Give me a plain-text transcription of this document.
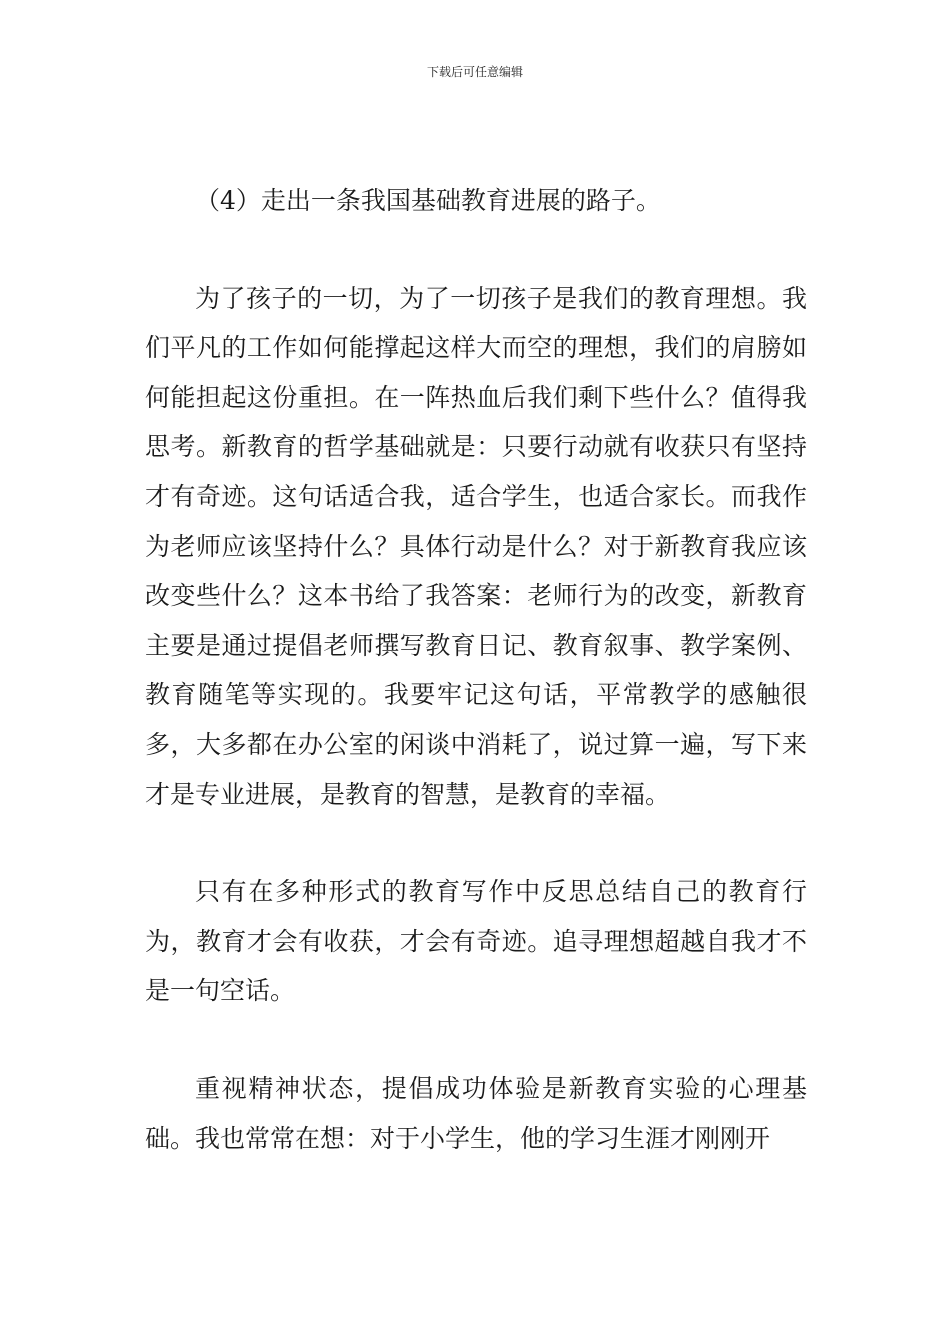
下载后可任意编辑

（4）走出一条我国基础教育进展的路子。

为了孩子的一切，为了一切孩子是我们的教育理想。我们平凡的工作如何能撑起这样大而空的理想，我们的肩膀如何能担起这份重担。在一阵热血后我们剩下些什么？值得我思考。新教育的哲学基础就是：只要行动就有收获只有坚持才有奇迹。这句话适合我，适合学生，也适合家长。而我作为老师应该坚持什么？具体行动是什么？对于新教育我应该改变些什么？这本书给了我答案：老师行为的改变，新教育主要是通过提倡老师撰写教育日记、教育叙事、教学案例、教育随笔等实现的。我要牢记这句话，平常教学的感触很多，大多都在办公室的闲谈中消耗了，说过算一遍，写下来才是专业进展，是教育的智慧，是教育的幸福。

只有在多种形式的教育写作中反思总结自己的教育行为，教育才会有收获，才会有奇迹。追寻理想超越自我才不是一句空话。

重视精神状态，提倡成功体验是新教育实验的心理基础。我也常常在想：对于小学生，他的学习生涯才刚刚开
